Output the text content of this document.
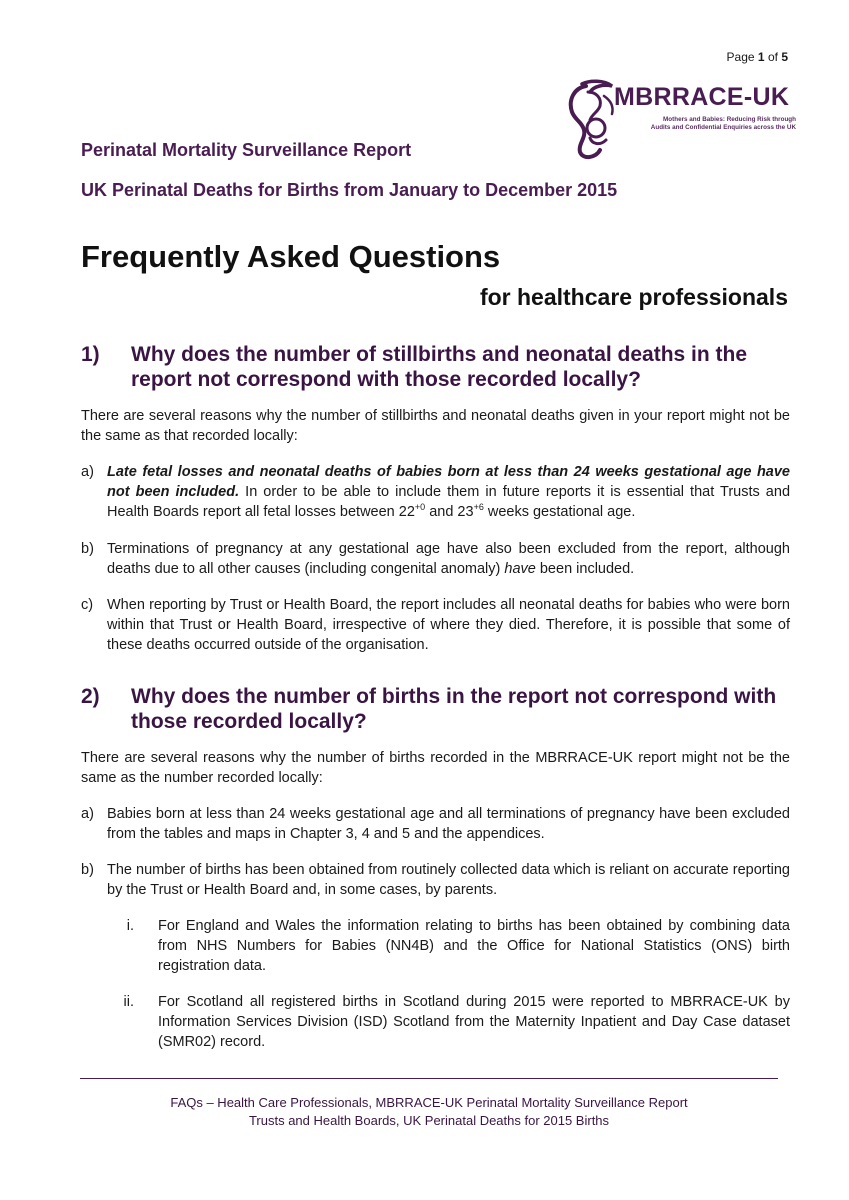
Page 1 of 5
MBRRACE-UK
Mothers and Babies: Reducing Risk through
Audits and Confidential Enquiries across the UK
Perinatal Mortality Surveillance Report
UK Perinatal Deaths for Births from January to December 2015
Frequently Asked Questions
for healthcare professionals
1) Why does the number of stillbirths and neonatal deaths in the report not correspond with those recorded locally?
There are several reasons why the number of stillbirths and neonatal deaths given in your report might not be the same as that recorded locally:
a) Late fetal losses and neonatal deaths of babies born at less than 24 weeks gestational age have not been included. In order to be able to include them in future reports it is essential that Trusts and Health Boards report all fetal losses between $22^{+0}$ and $23^{+6}$ weeks gestational age.
b) Terminations of pregnancy at any gestational age have also been excluded from the report, although deaths due to all other causes (including congenital anomaly) have been included.
c) When reporting by Trust or Health Board, the report includes all neonatal deaths for babies who were born within that Trust or Health Board, irrespective of where they died. Therefore, it is possible that some of these deaths occurred outside of the organisation.
2) Why does the number of births in the report not correspond with those recorded locally?
There are several reasons why the number of births recorded in the MBRRACE-UK report might not be the same as the number recorded locally:
a) Babies born at less than 24 weeks gestational age and all terminations of pregnancy have been excluded from the tables and maps in Chapter 3, 4 and 5 and the appendices.
b) The number of births has been obtained from routinely collected data which is reliant on accurate reporting by the Trust or Health Board and, in some cases, by parents.
i. For England and Wales the information relating to births has been obtained by combining data from NHS Numbers for Babies (NN4B) and the Office for National Statistics (ONS) birth registration data.
ii. For Scotland all registered births in Scotland during 2015 were reported to MBRRACE-UK by Information Services Division (ISD) Scotland from the Maternity Inpatient and Day Case dataset (SMR02) record.
FAQs – Health Care Professionals, MBRRACE-UK Perinatal Mortality Surveillance Report
Trusts and Health Boards, UK Perinatal Deaths for 2015 Births
